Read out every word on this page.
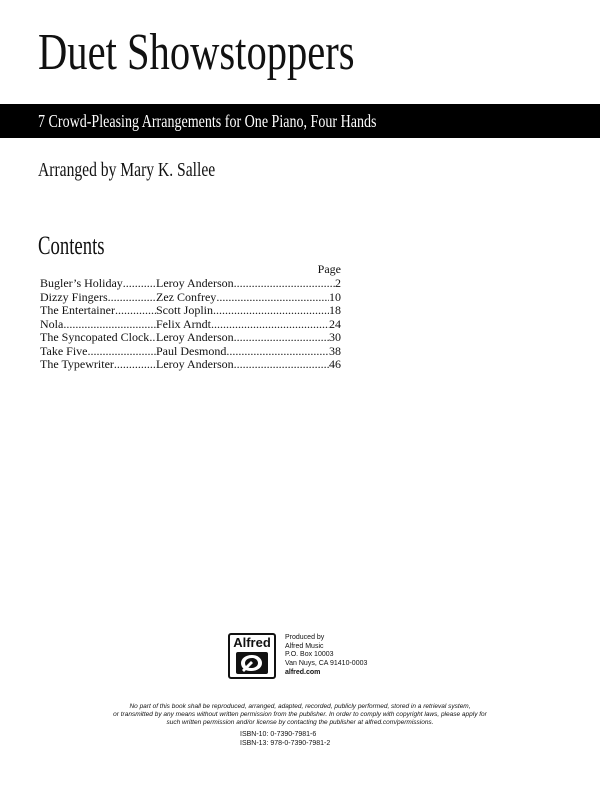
Duet Showstoppers
7 Crowd-Pleasing Arrangements for One Piano, Four Hands
Arranged by Mary K. Sallee
Contents
Page
Bugler’s Holiday .....	Leroy Anderson .....	2
Dizzy Fingers .....	Zez Confrey .....	10
The Entertainer .....	Scott Joplin .....	18
Nola .....	Felix Arndt .....	24
The Syncopated Clock ..... Leroy Anderson .....	30
Take Five .....	Paul Desmond .....	38
The Typewriter .....	Leroy Anderson .....	46
Alfred	Produced by
Alfred Music
P.O. Box 10003
Van Nuys, CA 91410-0003
alfred.com
No part of this book shall be reproduced, arranged, adapted, recorded, publicly performed, stored in a retrieval system,
or transmitted by any means without written permission from the publisher. In order to comply with copyright laws, please apply for
such written permission and/or license by contacting the publisher at alfred.com/permissions.
ISBN-10: 0-7390-7981-6
ISBN-13: 978-0-7390-7981-2
